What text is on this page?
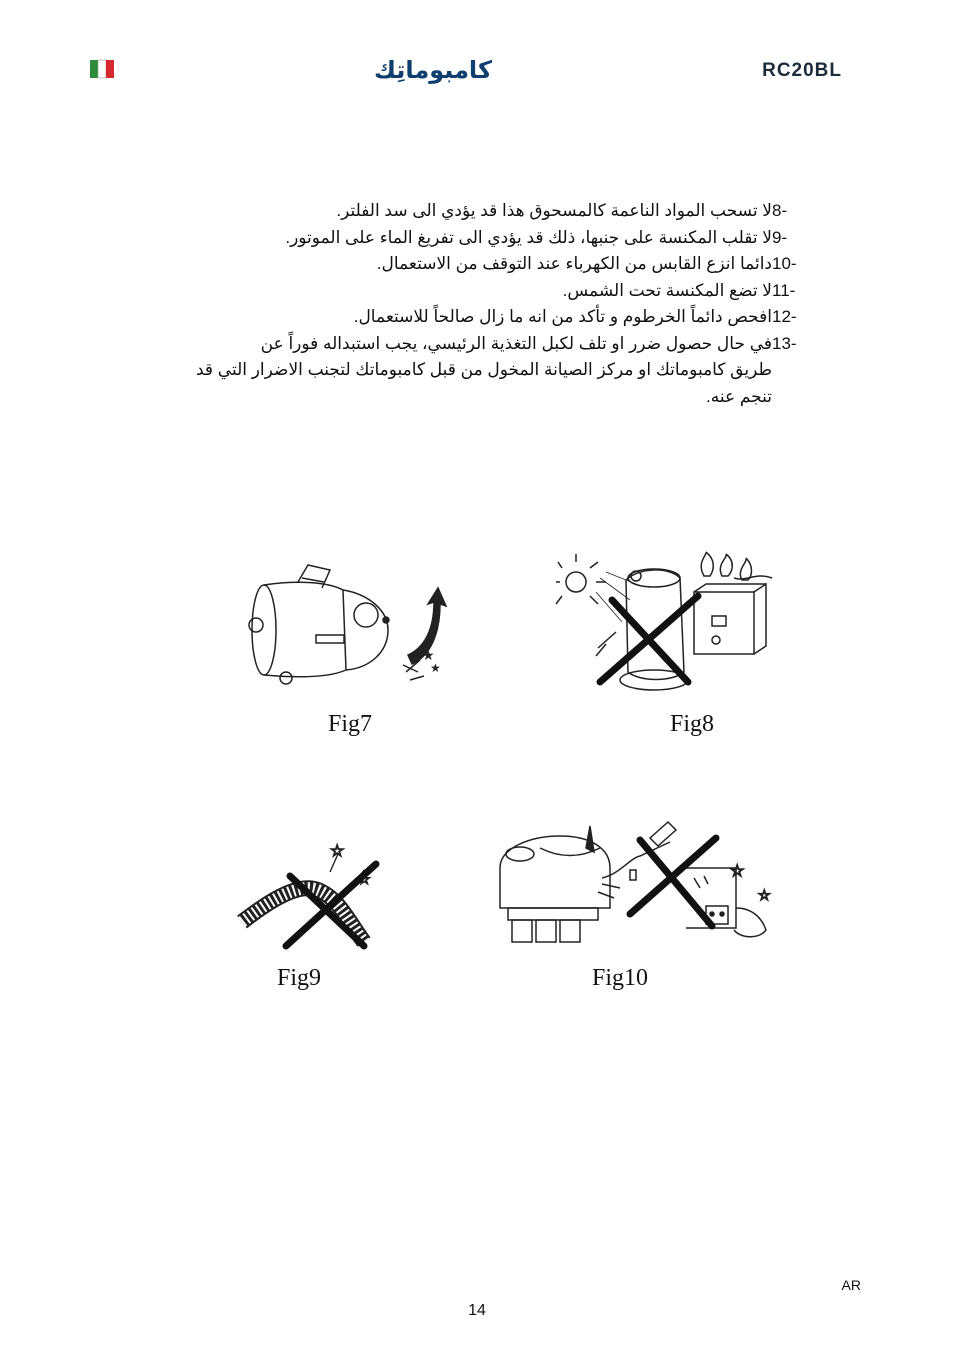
كامبوماتِك	RC20BL
8-
لا تسحب المواد الناعمة كالمسحوق هذا قد يؤدي الى سد الفلتر.
9-
لا تقلب المكنسة على جنبها، ذلك قد يؤدي الى تفريغ الماء على الموتور.
10-
دائما انزع القابس من الكهرباء عند التوقف من الاستعمال.
11-
لا تضع المكنسة تحت الشمس.
12-
افحص دائماً الخرطوم و تأكد من انه ما زال صالحاً للاستعمال.
13-
في حال حصول ضرر او تلف لكبل التغذية الرئيسي، يجب استبداله فوراً عن
طريق كامبوماتك او مركز الصيانة المخول من قبل كامبوماتك لتجنب الاضرار التي قد
تنجم عنه.
★
★
Fig7	Fig8
☆
☆
Fig9
☆
☆
Fig10
AR
14
